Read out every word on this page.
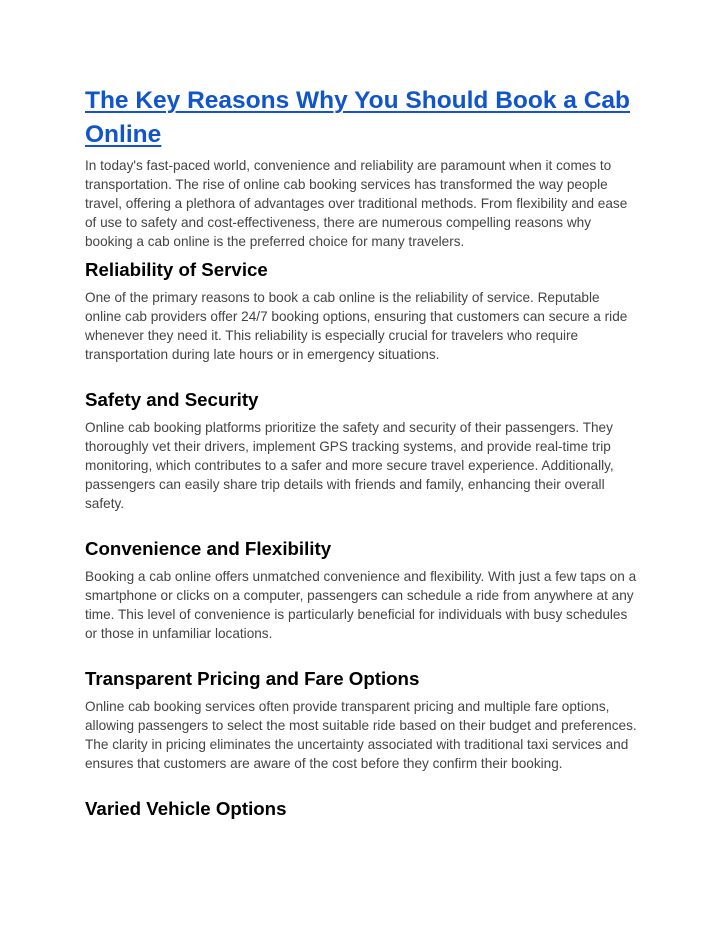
The Key Reasons Why You Should Book a Cab Online

In today's fast-paced world, convenience and reliability are paramount when it comes to transportation. The rise of online cab booking services has transformed the way people travel, offering a plethora of advantages over traditional methods. From flexibility and ease of use to safety and cost-effectiveness, there are numerous compelling reasons why booking a cab online is the preferred choice for many travelers.

Reliability of Service

One of the primary reasons to book a cab online is the reliability of service. Reputable online cab providers offer 24/7 booking options, ensuring that customers can secure a ride whenever they need it. This reliability is especially crucial for travelers who require transportation during late hours or in emergency situations.

Safety and Security

Online cab booking platforms prioritize the safety and security of their passengers. They thoroughly vet their drivers, implement GPS tracking systems, and provide real-time trip monitoring, which contributes to a safer and more secure travel experience. Additionally, passengers can easily share trip details with friends and family, enhancing their overall safety.

Convenience and Flexibility

Booking a cab online offers unmatched convenience and flexibility. With just a few taps on a smartphone or clicks on a computer, passengers can schedule a ride from anywhere at any time. This level of convenience is particularly beneficial for individuals with busy schedules or those in unfamiliar locations.

Transparent Pricing and Fare Options

Online cab booking services often provide transparent pricing and multiple fare options, allowing passengers to select the most suitable ride based on their budget and preferences. The clarity in pricing eliminates the uncertainty associated with traditional taxi services and ensures that customers are aware of the cost before they confirm their booking.

Varied Vehicle Options
